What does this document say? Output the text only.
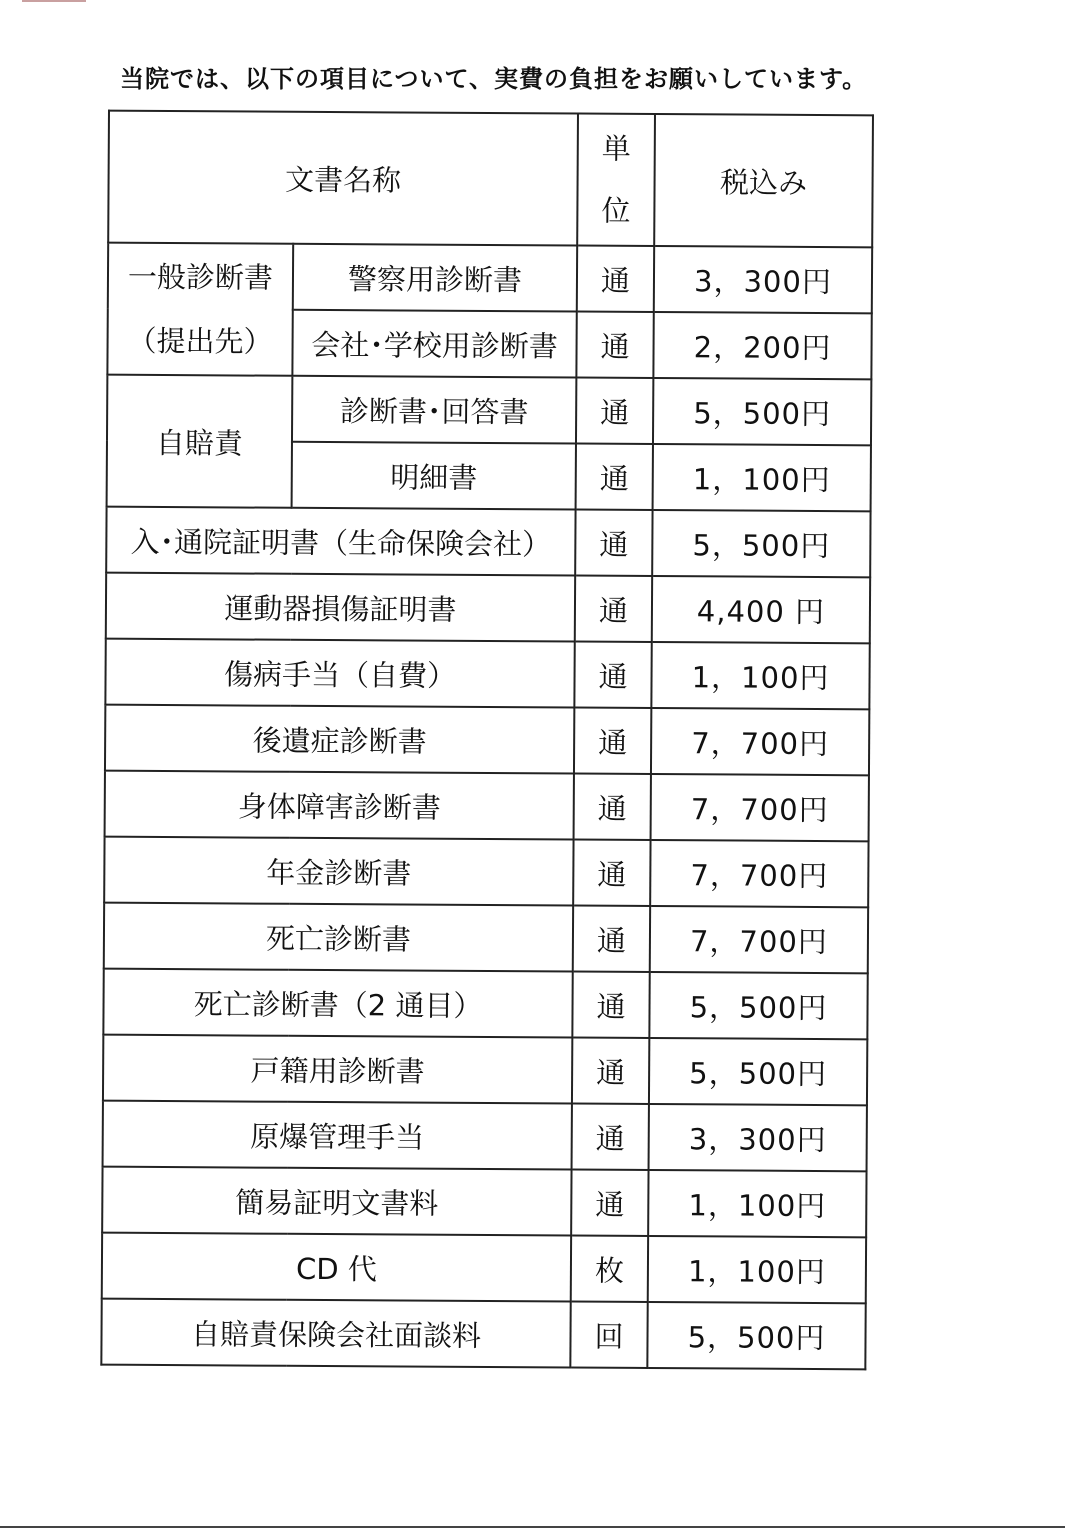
当院では、以下の項目について、実費の負担をお願いしています。
文書名称		単
位	税込み

一般診断書
（提出先）	警察用診断書	通	3，300円
	会社･学校用診断書	通	2，200円
自賠責	診断書･回答書	通	5，500円
	明細書	通	1，100円
入･通院証明書（生命保険会社）		通	5，500円
運動器損傷証明書		通	4,400 円
傷病手当（自費）		通	1，100円
後遺症診断書		通	7，700円
身体障害診断書		通	7，700円
年金診断書		通	7，700円
死亡診断書		通	7，700円
死亡診断書（2 通目）		通	5，500円
戸籍用診断書		通	5，500円
原爆管理手当		通	3，300円
簡易証明文書料		通	1，100円
CD 代		枚	1，100円
自賠責保険会社面談料		回	5，500円
